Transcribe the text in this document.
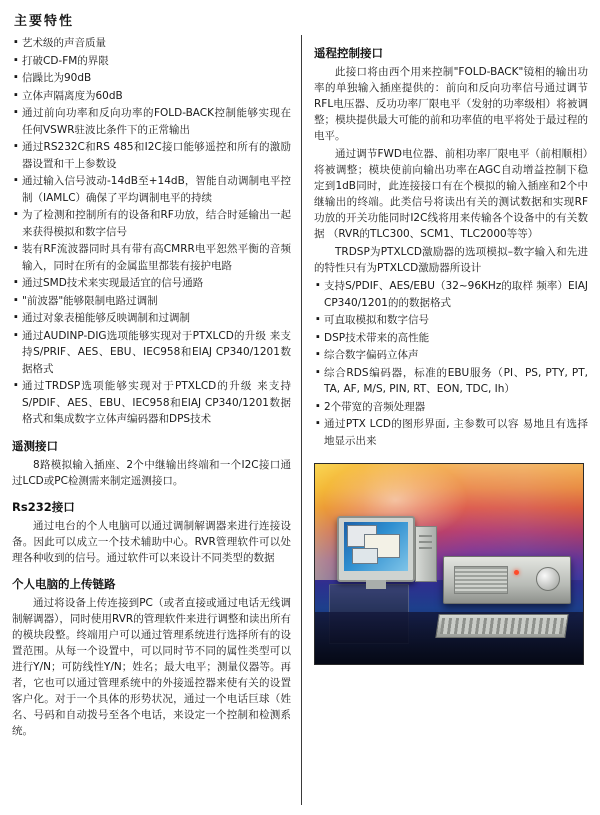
主要特性
· 艺术级的声音质量
· 打破CD-FM的界限
· 信躁比为90dB
· 立体声隔离度为60dB
· 通过前向功率和反向功率的FOLD-BACK控制能够实现在任何VSWR驻波比条件下的正常输出
· 通过RS232C和RS 485和I2C接口能够遥控和所有的激励器设置和干上参数设
· 通过输入信号波动-14dB至+14dB，智能自动调制电平控制（IAMLC）确保了平均调制电平的持续
· 为了检测和控制所有的设备和RF功放，结合时延输出一起来获得模拟和数字信号
· 装有RF流波器同时具有带有高CMRR电平恕然平衡的音频输入，同时在所有的金属监里都装有接护电路
· 通过SMD技术来实现最适宜的信号通路
· "前波器"能够限制电路过调制
· 通过对象表槌能够反映调制和过调制
· 通过AUDINP-DIG选项能够实现对于PTXLCD的升级 来支持S/PRIF、AES、EBU、IEC958和EIAJ CP340/1201数据格式
· 通过TRDSP选项能够实现对于PTXLCD的升级 来支持S/PDIF、AES、EBU、IEC958和EIAJ CP340/1201数据格式和集成数字立体声编码器和DPS技术
遥测接口

8路模拟输入插座、2个中继输出终端和一个I2C接口通过LCD或PC检测需来制定遥测接口。

Rs232接口

通过电台的个人电脑可以通过调制解调器来进行连接设备。因此可以成立一个技术辅助中心。RVR管理软件可以处理各种收到的信号。通过软件可以来设计不同类型的数据

个人电脑的上传链路

通过将设备上传连接到PC（或者直接或通过电话无线调制解调器），同时使用RVR的管理软件来进行调整和读出所有的模块段整。终端用户可以通过管理系统进行选择所有的设置范围。从每一个设置中，可以同时节不同的属性类型可以进行Y/N；可防线性Y/N；姓名；最大电平；测量仪器等。再者，它也可以通过管理系统中的外接遥控器来使有关的设置客户化。对于一个具体的形势状况，通过一个电话巨球（姓名、号码和自动拨号至各个电话，来设定一个控制和检测系统。

遥程控制接口

此接口将由西个用来控制"FOLD-BACK"镜相的输出功率的单独输入插座提供的：前向和反向功率信号通过调节RFL电压器、反功功率厂限电平（发射的功率级相）将被调整；模块提供最大可能的前和功率值的电平将处于最过程的电平。

通过调节FWD电位器、前相功率厂限电平（前相顺相）将被调整；模块使前向输出功率在AGC自动增益控制下稳定到1dB同时，此连接接口有在个模拟的输入插座和2个中继输出的终端。此类信号将读出有关的测试数据和实现RF功放的开关功能同时I2C线将用来传输各个设备中的有关数据 （RVR的TLC300、SCM1、TLC2000等等）

TRDSP为PTXLCD激励器的选项模拟–数字输入和先进的特性只有为PTXLCD激励器所设计

· 支持S/PDIF、AES/EBU（32~96KHz的取样 频率）EIAJ CP340/1201的的数据格式
· 可直取模拟和数字信号
· DSP技术带来的高性能
· 综合数字偏码立体声
· 综合RDS编码器，标准的EBU服务（PI、PS, PTY, PT, TA, AF, M/S, PIN, RT、EON, TDC, Ih）
· 2个带宽的音频处理器
· 通过PTX LCD的图形界面, 主参数可以容 易地且有选择地显示出来
